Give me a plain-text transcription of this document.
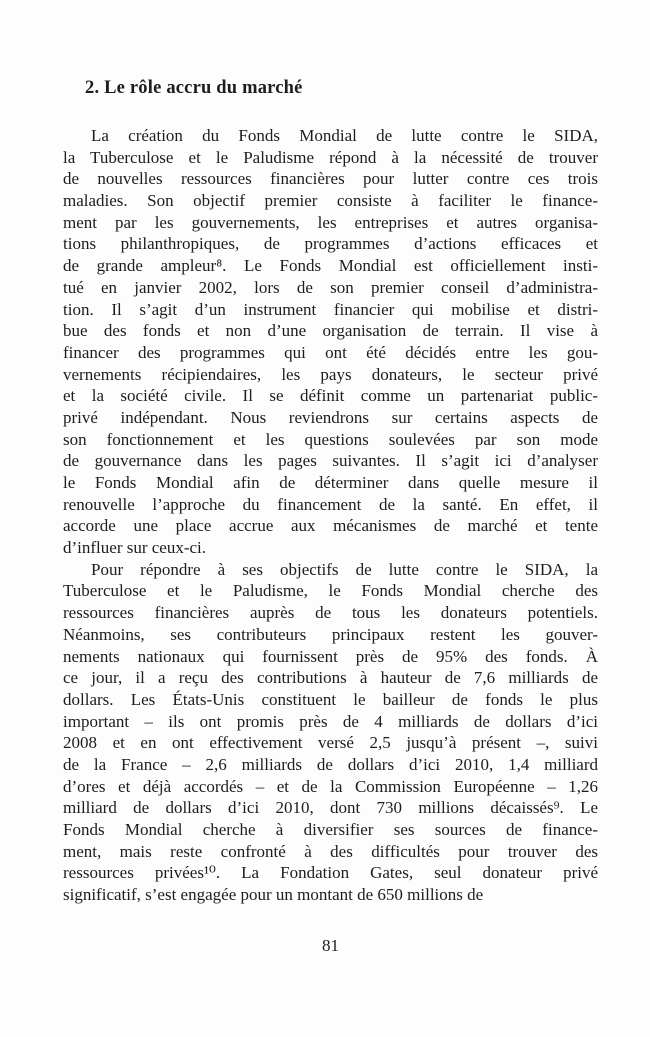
2. Le rôle accru du marché
La création du Fonds Mondial de lutte contre le SIDA,
la Tuberculose et le Paludisme répond à la nécessité de trouver
de nouvelles ressources financières pour lutter contre ces trois
maladies. Son objectif premier consiste à faciliter le finance-
ment par les gouvernements, les entreprises et autres organisa-
tions philanthropiques, de programmes d’actions efficaces et
de grande ampleur⁸. Le Fonds Mondial est officiellement insti-
tué en janvier 2002, lors de son premier conseil d’administra-
tion. Il s’agit d’un instrument financier qui mobilise et distri-
bue des fonds et non d’une organisation de terrain. Il vise à
financer des programmes qui ont été décidés entre les gou-
vernements récipiendaires, les pays donateurs, le secteur privé
et la société civile. Il se définit comme un partenariat public-
privé indépendant. Nous reviendrons sur certains aspects de
son fonctionnement et les questions soulevées par son mode
de gouvernance dans les pages suivantes. Il s’agit ici d’analyser
le Fonds Mondial afin de déterminer dans quelle mesure il
renouvelle l’approche du financement de la santé. En effet, il
accorde une place accrue aux mécanismes de marché et tente
d’influer sur ceux-ci.
Pour répondre à ses objectifs de lutte contre le SIDA, la
Tuberculose et le Paludisme, le Fonds Mondial cherche des
ressources financières auprès de tous les donateurs potentiels.
Néanmoins, ses contributeurs principaux restent les gouver-
nements nationaux qui fournissent près de 95% des fonds. À
ce jour, il a reçu des contributions à hauteur de 7,6 milliards de
dollars. Les États-Unis constituent le bailleur de fonds le plus
important – ils ont promis près de 4 milliards de dollars d’ici
2008 et en ont effectivement versé 2,5 jusqu’à présent –, suivi
de la France – 2,6 milliards de dollars d’ici 2010, 1,4 milliard
d’ores et déjà accordés – et de la Commission Européenne – 1,26
milliard de dollars d’ici 2010, dont 730 millions décaissés⁹. Le
Fonds Mondial cherche à diversifier ses sources de finance-
ment, mais reste confronté à des difficultés pour trouver des
ressources privées¹⁰. La Fondation Gates, seul donateur privé
significatif, s’est engagée pour un montant de 650 millions de
81
